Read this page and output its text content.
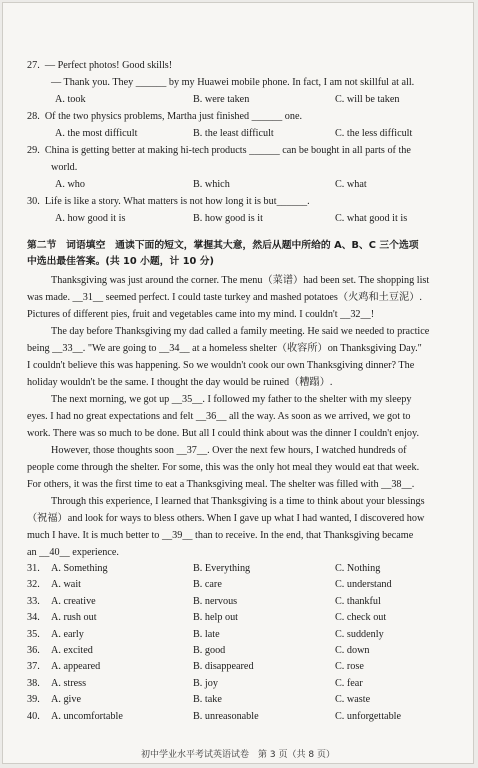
27. — Perfect photos! Good skills!
— Thank you. They ______ by my Huawei mobile phone. In fact, I am not skillful at all.
A. took	B. were taken	C. will be taken
28. Of the two physics problems, Martha just finished ______ one.
A. the most difficult	B. the least difficult	C. the less difficult
29. China is getting better at making hi-tech products ______ can be bought in all parts of the
world.
A. who	B. which	C. what
30. Life is like a story. What matters is not how long it is but______.
A. how good it is	B. how good is it	C. what good it is
第二节　词语填空　通读下面的短文，掌握其大意，然后从题中所给的 A、B、C 三个选项
中选出最佳答案。(共 10 小题，计 10 分)
Thanksgiving was just around the corner. The menu（菜谱）had been set. The shopping list
was made. __31__ seemed perfect. I could taste turkey and mashed potatoes（火鸡和土豆泥）.
Pictures of different pies, fruit and vegetables came into my mind. I couldn't __32__!
The day before Thanksgiving my dad called a family meeting. He said we needed to practice
being __33__. "We are going to __34__ at a homeless shelter（收容所）on Thanksgiving Day."
I couldn't believe this was happening. So we wouldn't cook our own Thanksgiving dinner? The
holiday wouldn't be the same. I thought the day would be ruined（糟蹋）.
The next morning, we got up __35__. I followed my father to the shelter with my sleepy
eyes. I had no great expectations and felt __36__ all the way. As soon as we arrived, we got to
work. There was so much to be done. But all I could think about was the dinner I couldn't enjoy.
However, those thoughts soon __37__. Over the next few hours, I watched hundreds of
people come through the shelter. For some, this was the only hot meal they would eat that week.
For others, it was the first time to eat a Thanksgiving meal. The shelter was filled with __38__.
Through this experience, I learned that Thanksgiving is a time to think about your blessings
（祝福）and look for ways to bless others. When I gave up what I had wanted, I discovered how
much I have. It is much better to __39__ than to receive. In the end, that Thanksgiving became
an __40__ experience.
31. A. Something	B. Everything	C. Nothing
32. A. wait	B. care	C. understand
33. A. creative	B. nervous	C. thankful
34. A. rush out	B. help out	C. check out
35. A. early	B. late	C. suddenly
36. A. excited	B. good	C. down
37. A. appeared	B. disappeared	C. rose
38. A. stress	B. joy	C. fear
39. A. give	B. take	C. waste
40. A. uncomfortable	B. unreasonable	C. unforgettable
初中学业水平考试英语试卷　第 3 页（共 8 页）
